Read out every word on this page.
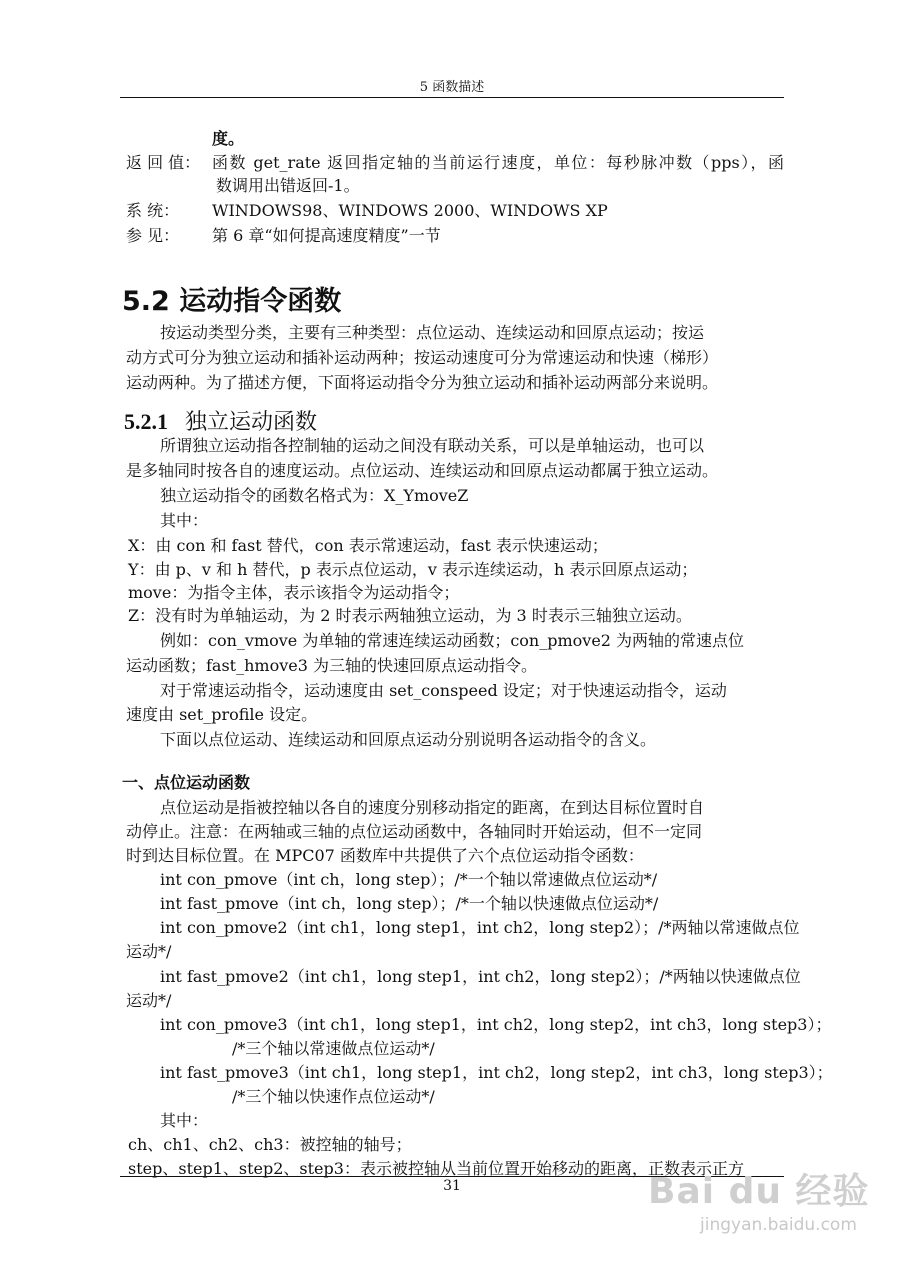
5 函数描述
度。
返 回 值： 函数 get_rate 返回指定轴的当前运行速度，单位：每秒脉冲数（pps），函
数调用出错返回-1。
系 统： WINDOWS98、WINDOWS 2000、WINDOWS XP
参 见： 第 6 章“如何提高速度精度”一节
5.2 运动指令函数
按运动类型分类，主要有三种类型：点位运动、连续运动和回原点运动；按运
动方式可分为独立运动和插补运动两种；按运动速度可分为常速运动和快速（梯形）
运动两种。为了描述方便，下面将运动指令分为独立运动和插补运动两部分来说明。
5.2.1 独立运动函数
所谓独立运动指各控制轴的运动之间没有联动关系，可以是单轴运动，也可以
是多轴同时按各自的速度运动。点位运动、连续运动和回原点运动都属于独立运动。
独立运动指令的函数名格式为：X_YmoveZ
其中：
X：由 con 和 fast 替代，con 表示常速运动，fast 表示快速运动；
Y：由 p、v 和 h 替代，p 表示点位运动，v 表示连续运动，h 表示回原点运动；
move：为指令主体，表示该指令为运动指令；
Z：没有时为单轴运动，为 2 时表示两轴独立运动，为 3 时表示三轴独立运动。
例如：con_vmove 为单轴的常速连续运动函数；con_pmove2 为两轴的常速点位
运动函数；fast_hmove3 为三轴的快速回原点运动指令。
对于常速运动指令，运动速度由 set_conspeed 设定；对于快速运动指令，运动
速度由 set_profile 设定。
下面以点位运动、连续运动和回原点运动分别说明各运动指令的含义。
一、点位运动函数
点位运动是指被控轴以各自的速度分别移动指定的距离，在到达目标位置时自
动停止。注意：在两轴或三轴的点位运动函数中，各轴同时开始运动，但不一定同
时到达目标位置。在 MPC07 函数库中共提供了六个点位运动指令函数：
int con_pmove（int ch，long step）；/*一个轴以常速做点位运动*/
int fast_pmove（int ch，long step）；/*一个轴以快速做点位运动*/
int con_pmove2（int ch1，long step1，int ch2，long step2）；/*两轴以常速做点位
运动*/
int fast_pmove2（int ch1，long step1，int ch2，long step2）；/*两轴以快速做点位
运动*/
int con_pmove3（int ch1，long step1，int ch2，long step2，int ch3，long step3）；
/*三个轴以常速做点位运动*/
int fast_pmove3（int ch1，long step1，int ch2，long step2，int ch3，long step3）；
/*三个轴以快速作点位运动*/
其中：
ch、ch1、ch2、ch3：被控轴的轴号；
step、step1、step2、step3：表示被控轴从当前位置开始移动的距离，正数表示正方
31	Bai du 经验
jingyan.baidu.com
